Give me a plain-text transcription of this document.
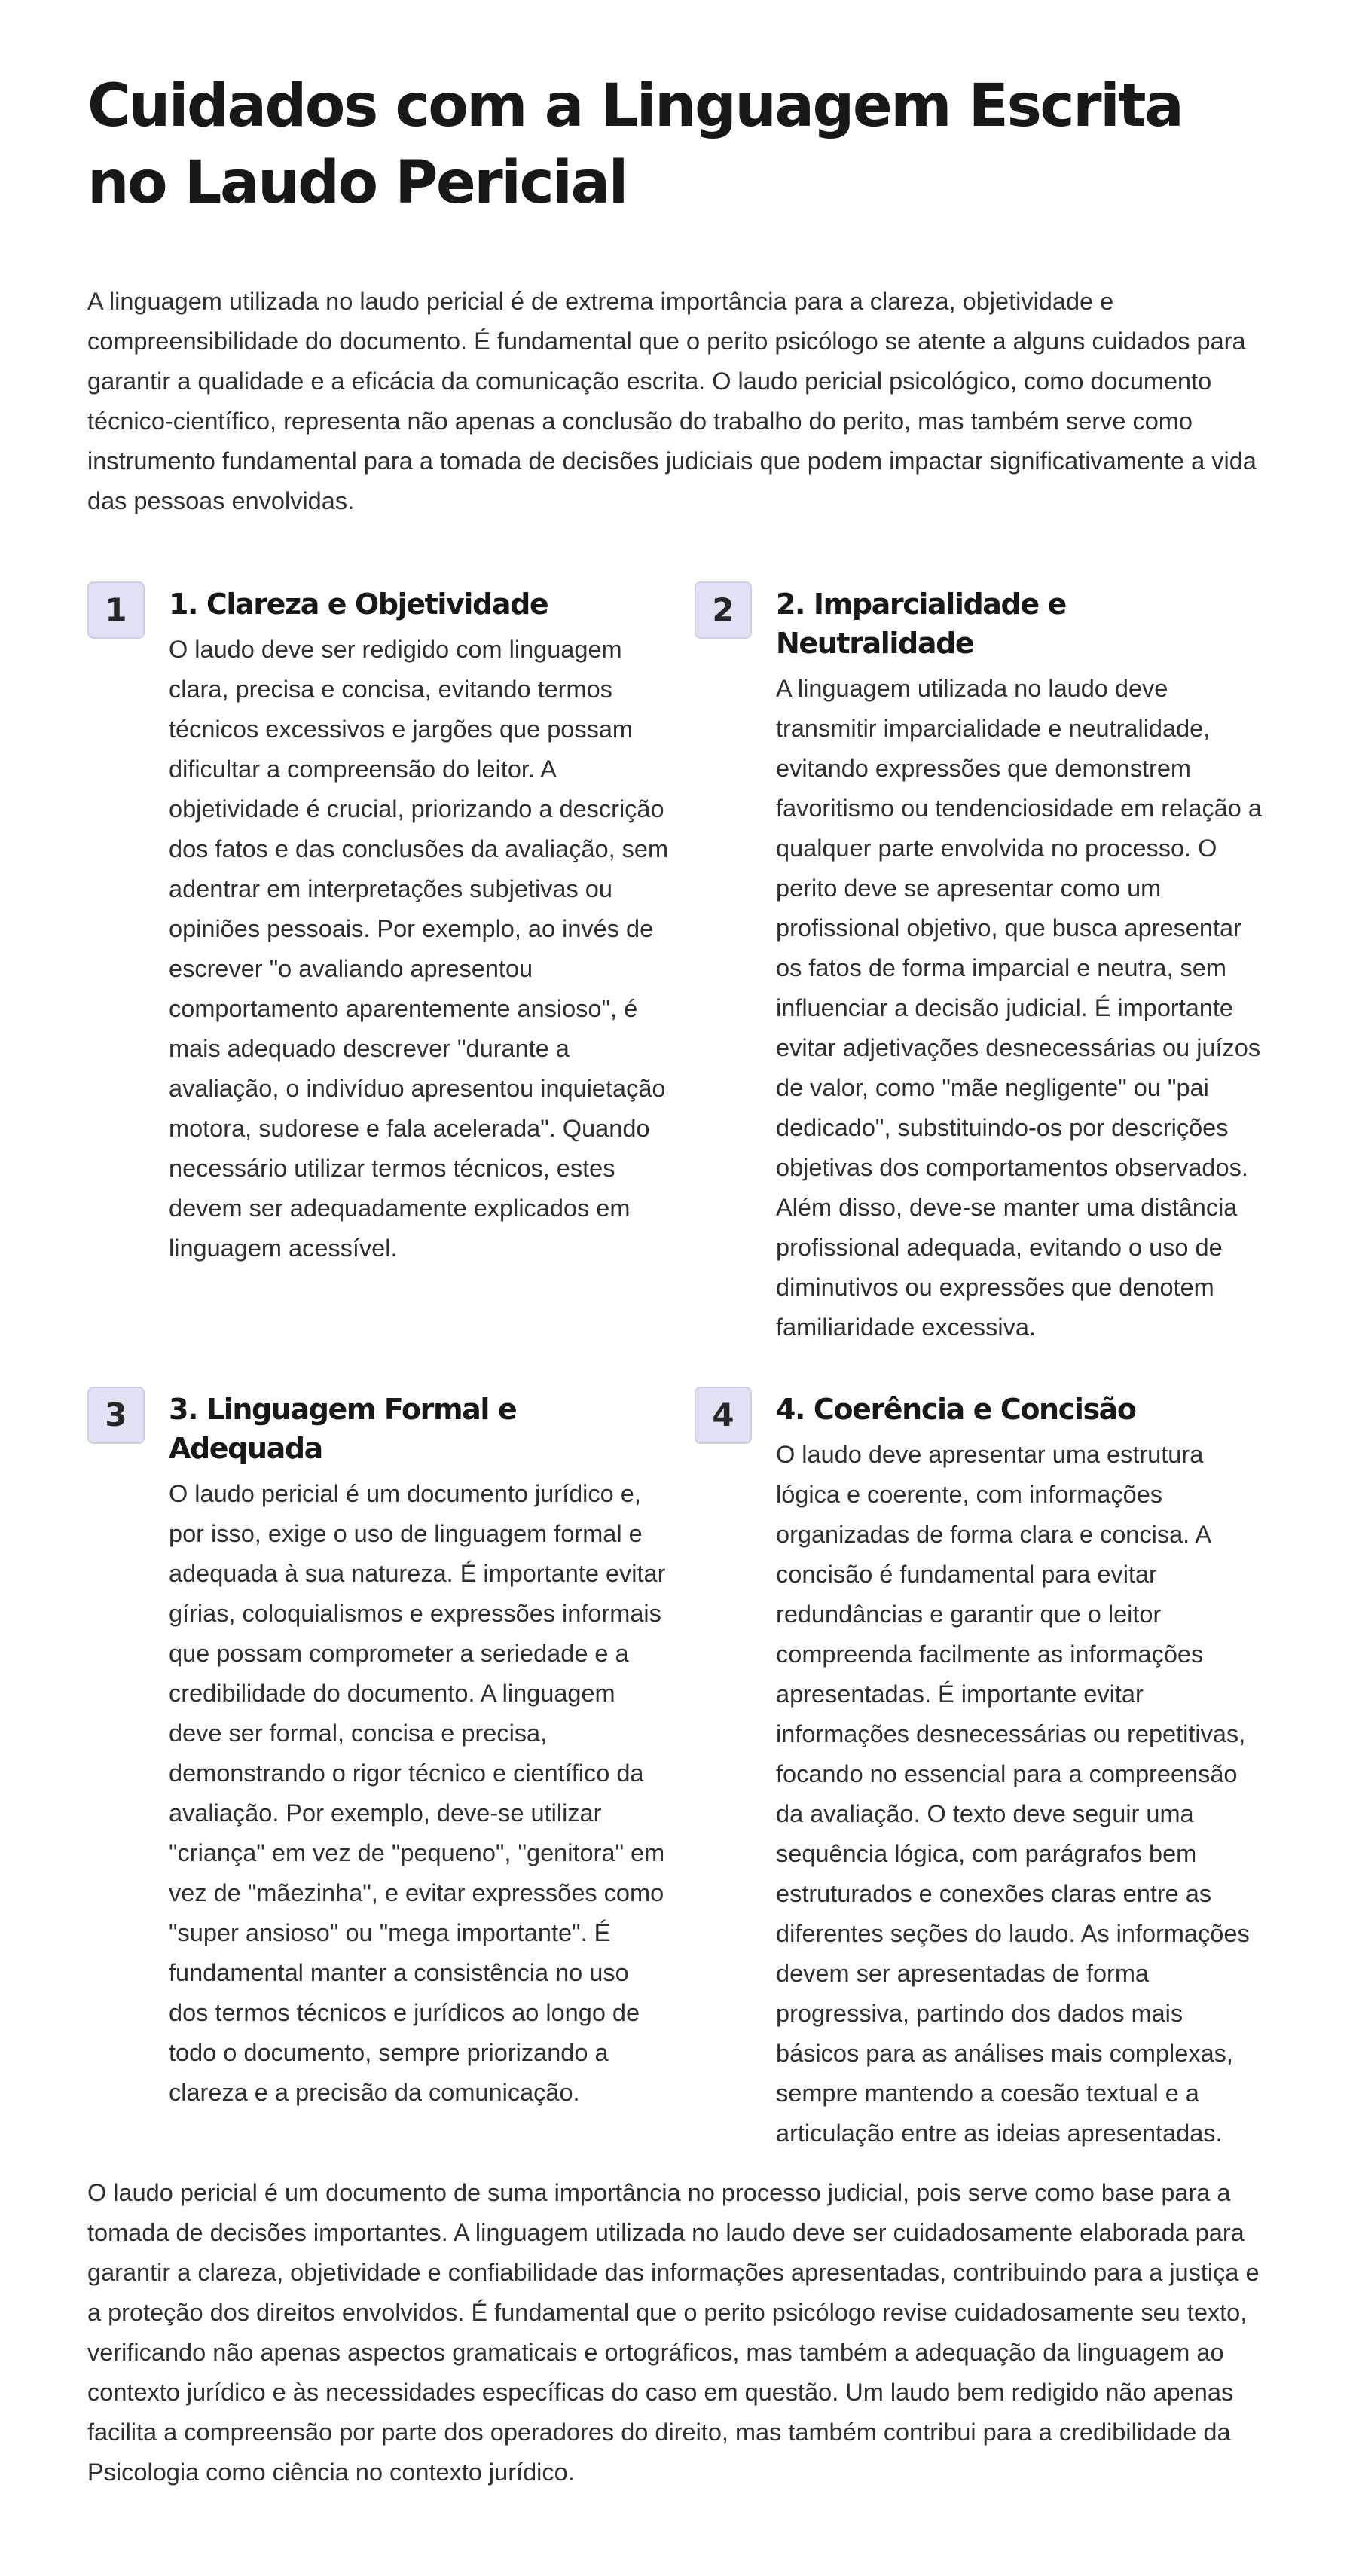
Cuidados com a Linguagem Escrita no Laudo Pericial

A linguagem utilizada no laudo pericial é de extrema importância para a clareza, objetividade e compreensibilidade do documento. É fundamental que o perito psicólogo se atente a alguns cuidados para garantir a qualidade e a eficácia da comunicação escrita. O laudo pericial psicológico, como documento técnico-científico, representa não apenas a conclusão do trabalho do perito, mas também serve como instrumento fundamental para a tomada de decisões judiciais que podem impactar significativamente a vida das pessoas envolvidas.

1	1. Clareza e Objetividade

O laudo deve ser redigido com linguagem clara, precisa e concisa, evitando termos técnicos excessivos e jargões que possam dificultar a compreensão do leitor. A objetividade é crucial, priorizando a descrição dos fatos e das conclusões da avaliação, sem adentrar em interpretações subjetivas ou opiniões pessoais. Por exemplo, ao invés de escrever "o avaliando apresentou comportamento aparentemente ansioso", é mais adequado descrever "durante a avaliação, o indivíduo apresentou inquietação motora, sudorese e fala acelerada". Quando necessário utilizar termos técnicos, estes devem ser adequadamente explicados em linguagem acessível.

2	2. Imparcialidade e Neutralidade

A linguagem utilizada no laudo deve transmitir imparcialidade e neutralidade, evitando expressões que demonstrem favoritismo ou tendenciosidade em relação a qualquer parte envolvida no processo. O perito deve se apresentar como um profissional objetivo, que busca apresentar os fatos de forma imparcial e neutra, sem influenciar a decisão judicial. É importante evitar adjetivações desnecessárias ou juízos de valor, como "mãe negligente" ou "pai dedicado", substituindo-os por descrições objetivas dos comportamentos observados. Além disso, deve-se manter uma distância profissional adequada, evitando o uso de diminutivos ou expressões que denotem familiaridade excessiva.

3	3. Linguagem Formal e Adequada

O laudo pericial é um documento jurídico e, por isso, exige o uso de linguagem formal e adequada à sua natureza. É importante evitar gírias, coloquialismos e expressões informais que possam comprometer a seriedade e a credibilidade do documento. A linguagem deve ser formal, concisa e precisa, demonstrando o rigor técnico e científico da avaliação. Por exemplo, deve-se utilizar "criança" em vez de "pequeno", "genitora" em vez de "mãezinha", e evitar expressões como "super ansioso" ou "mega importante". É fundamental manter a consistência no uso dos termos técnicos e jurídicos ao longo de todo o documento, sempre priorizando a clareza e a precisão da comunicação.

4	4. Coerência e Concisão

O laudo deve apresentar uma estrutura lógica e coerente, com informações organizadas de forma clara e concisa. A concisão é fundamental para evitar redundâncias e garantir que o leitor compreenda facilmente as informações apresentadas. É importante evitar informações desnecessárias ou repetitivas, focando no essencial para a compreensão da avaliação. O texto deve seguir uma sequência lógica, com parágrafos bem estruturados e conexões claras entre as diferentes seções do laudo. As informações devem ser apresentadas de forma progressiva, partindo dos dados mais básicos para as análises mais complexas, sempre mantendo a coesão textual e a articulação entre as ideias apresentadas.

O laudo pericial é um documento de suma importância no processo judicial, pois serve como base para a tomada de decisões importantes. A linguagem utilizada no laudo deve ser cuidadosamente elaborada para garantir a clareza, objetividade e confiabilidade das informações apresentadas, contribuindo para a justiça e a proteção dos direitos envolvidos. É fundamental que o perito psicólogo revise cuidadosamente seu texto, verificando não apenas aspectos gramaticais e ortográficos, mas também a adequação da linguagem ao contexto jurídico e às necessidades específicas do caso em questão. Um laudo bem redigido não apenas facilita a compreensão por parte dos operadores do direito, mas também contribui para a credibilidade da Psicologia como ciência no contexto jurídico.
